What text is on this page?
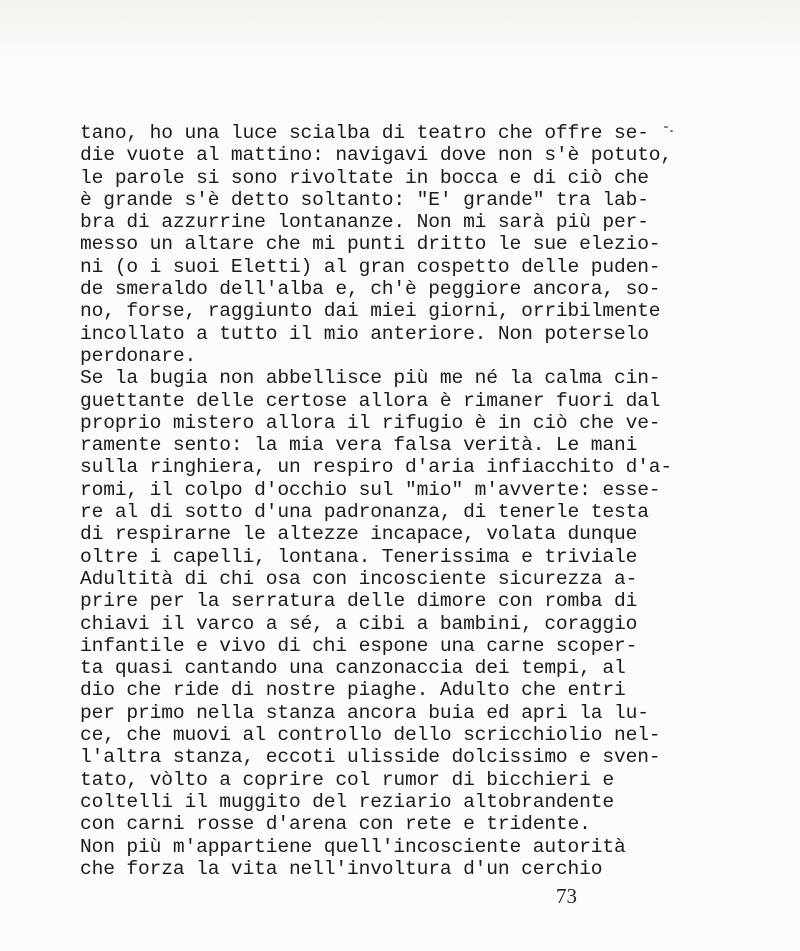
tano, ho una luce scialba di teatro che offre se-
die vuote al mattino: navigavi dove non s'è potuto,
le parole si sono rivoltate in bocca e di ciò che
è grande s'è detto soltanto: "E' grande" tra lab-
bra di azzurrine lontananze. Non mi sarà più per-
messo un altare che mi punti dritto le sue elezio-
ni (o i suoi Eletti) al gran cospetto delle puden-
de smeraldo dell'alba e, ch'è peggiore ancora, so-
no, forse, raggiunto dai miei giorni, orribilmente
incollato a tutto il mio anteriore. Non poterselo
perdonare.
Se la bugia non abbellisce più me né la calma cin-
guettante delle certose allora è rimaner fuori dal
proprio mistero allora il rifugio è in ciò che ve-
ramente sento: la mia vera falsa verità. Le mani
sulla ringhiera, un respiro d'aria infiacchito d'a-
romi, il colpo d'occhio sul "mio" m'avverte: esse-
re al di sotto d'una padronanza, di tenerle testa
di respirarne le altezze incapace, volata dunque
oltre i capelli, lontana. Tenerissima e triviale
Adultità di chi osa con incosciente sicurezza a-
prire per la serratura delle dimore con romba di
chiavi il varco a sé, a cibi a bambini, coraggio
infantile e vivo di chi espone una carne scoper-
ta quasi cantando una canzonaccia dei tempi, al
dio che ride di nostre piaghe. Adulto che entri
per primo nella stanza ancora buia ed apri la lu-
ce, che muovi al controllo dello scricchiolio nel-
l'altra stanza, eccoti ulisside dolcissimo e sven-
tato, vòlto a coprire col rumor di bicchieri e
coltelli il muggito del reziario altobrandente
con carni rosse d'arena con rete e tridente.
Non più m'appartiene quell'incosciente autorità
che forza la vita nell'involtura d'un cerchio
73
